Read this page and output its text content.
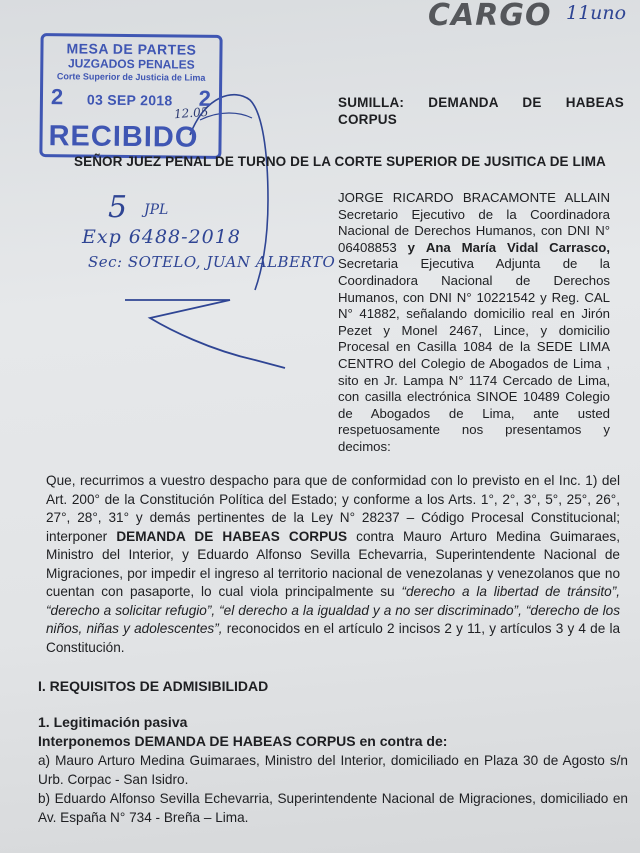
CARGO 11uno
MESA DE PARTES
JUZGADOS PENALES
Corte Superior de Justicia de Lima
2 03 SEP 2018 2
RECIBIDO
12.05
SUMILLA: DEMANDA DE HABEAS CORPUS
SEÑOR JUEZ PENAL DE TURNO DE LA CORTE SUPERIOR DE JUSITICA DE LIMA
5 JPL
Exp 6488-2018
Sec: SOTELO, JUAN ALBERTO
JORGE RICARDO BRACAMONTE ALLAIN Secretario Ejecutivo de la Coordinadora Nacional de Derechos Humanos, con DNI N° 06408853 y Ana María Vidal Carrasco, Secretaria Ejecutiva Adjunta de la Coordinadora Nacional de Derechos Humanos, con DNI N° 10221542 y Reg. CAL N° 41882, señalando domicilio real en Jirón Pezet y Monel 2467, Lince, y domicilio Procesal en Casilla 1084 de la SEDE LIMA CENTRO del Colegio de Abogados de Lima , sito en Jr. Lampa N° 1174 Cercado de Lima, con casilla electrónica SINOE 10489 Colegio de Abogados de Lima, ante usted respetuosamente nos presentamos y decimos:
Que, recurrimos a vuestro despacho para que de conformidad con lo previsto en el Inc. 1) del Art. 200° de la Constitución Política del Estado; y conforme a los Arts. 1°, 2°, 3°, 5°, 25°, 26°, 27°, 28°, 31° y demás pertinentes de la Ley N° 28237 – Código Procesal Constitucional; interponer DEMANDA DE HABEAS CORPUS contra Mauro Arturo Medina Guimaraes, Ministro del Interior, y Eduardo Alfonso Sevilla Echevarria, Superintendente Nacional de Migraciones, por impedir el ingreso al territorio nacional de venezolanas y venezolanos que no cuentan con pasaporte, lo cual viola principalmente su “derecho a la libertad de tránsito”, “derecho a solicitar refugio”, “el derecho a la igualdad y a no ser discriminado”, “derecho de los niños, niñas y adolescentes”, reconocidos en el artículo 2 incisos 2 y 11, y artículos 3 y 4 de la Constitución.
I. REQUISITOS DE ADMISIBILIDAD
1. Legitimación pasiva
Interponemos DEMANDA DE HABEAS CORPUS en contra de:
a) Mauro Arturo Medina Guimaraes, Ministro del Interior, domiciliado en Plaza 30 de Agosto s/n Urb. Corpac - San Isidro.
b) Eduardo Alfonso Sevilla Echevarria, Superintendente Nacional de Migraciones, domiciliado en Av. España N° 734 - Breña – Lima.
